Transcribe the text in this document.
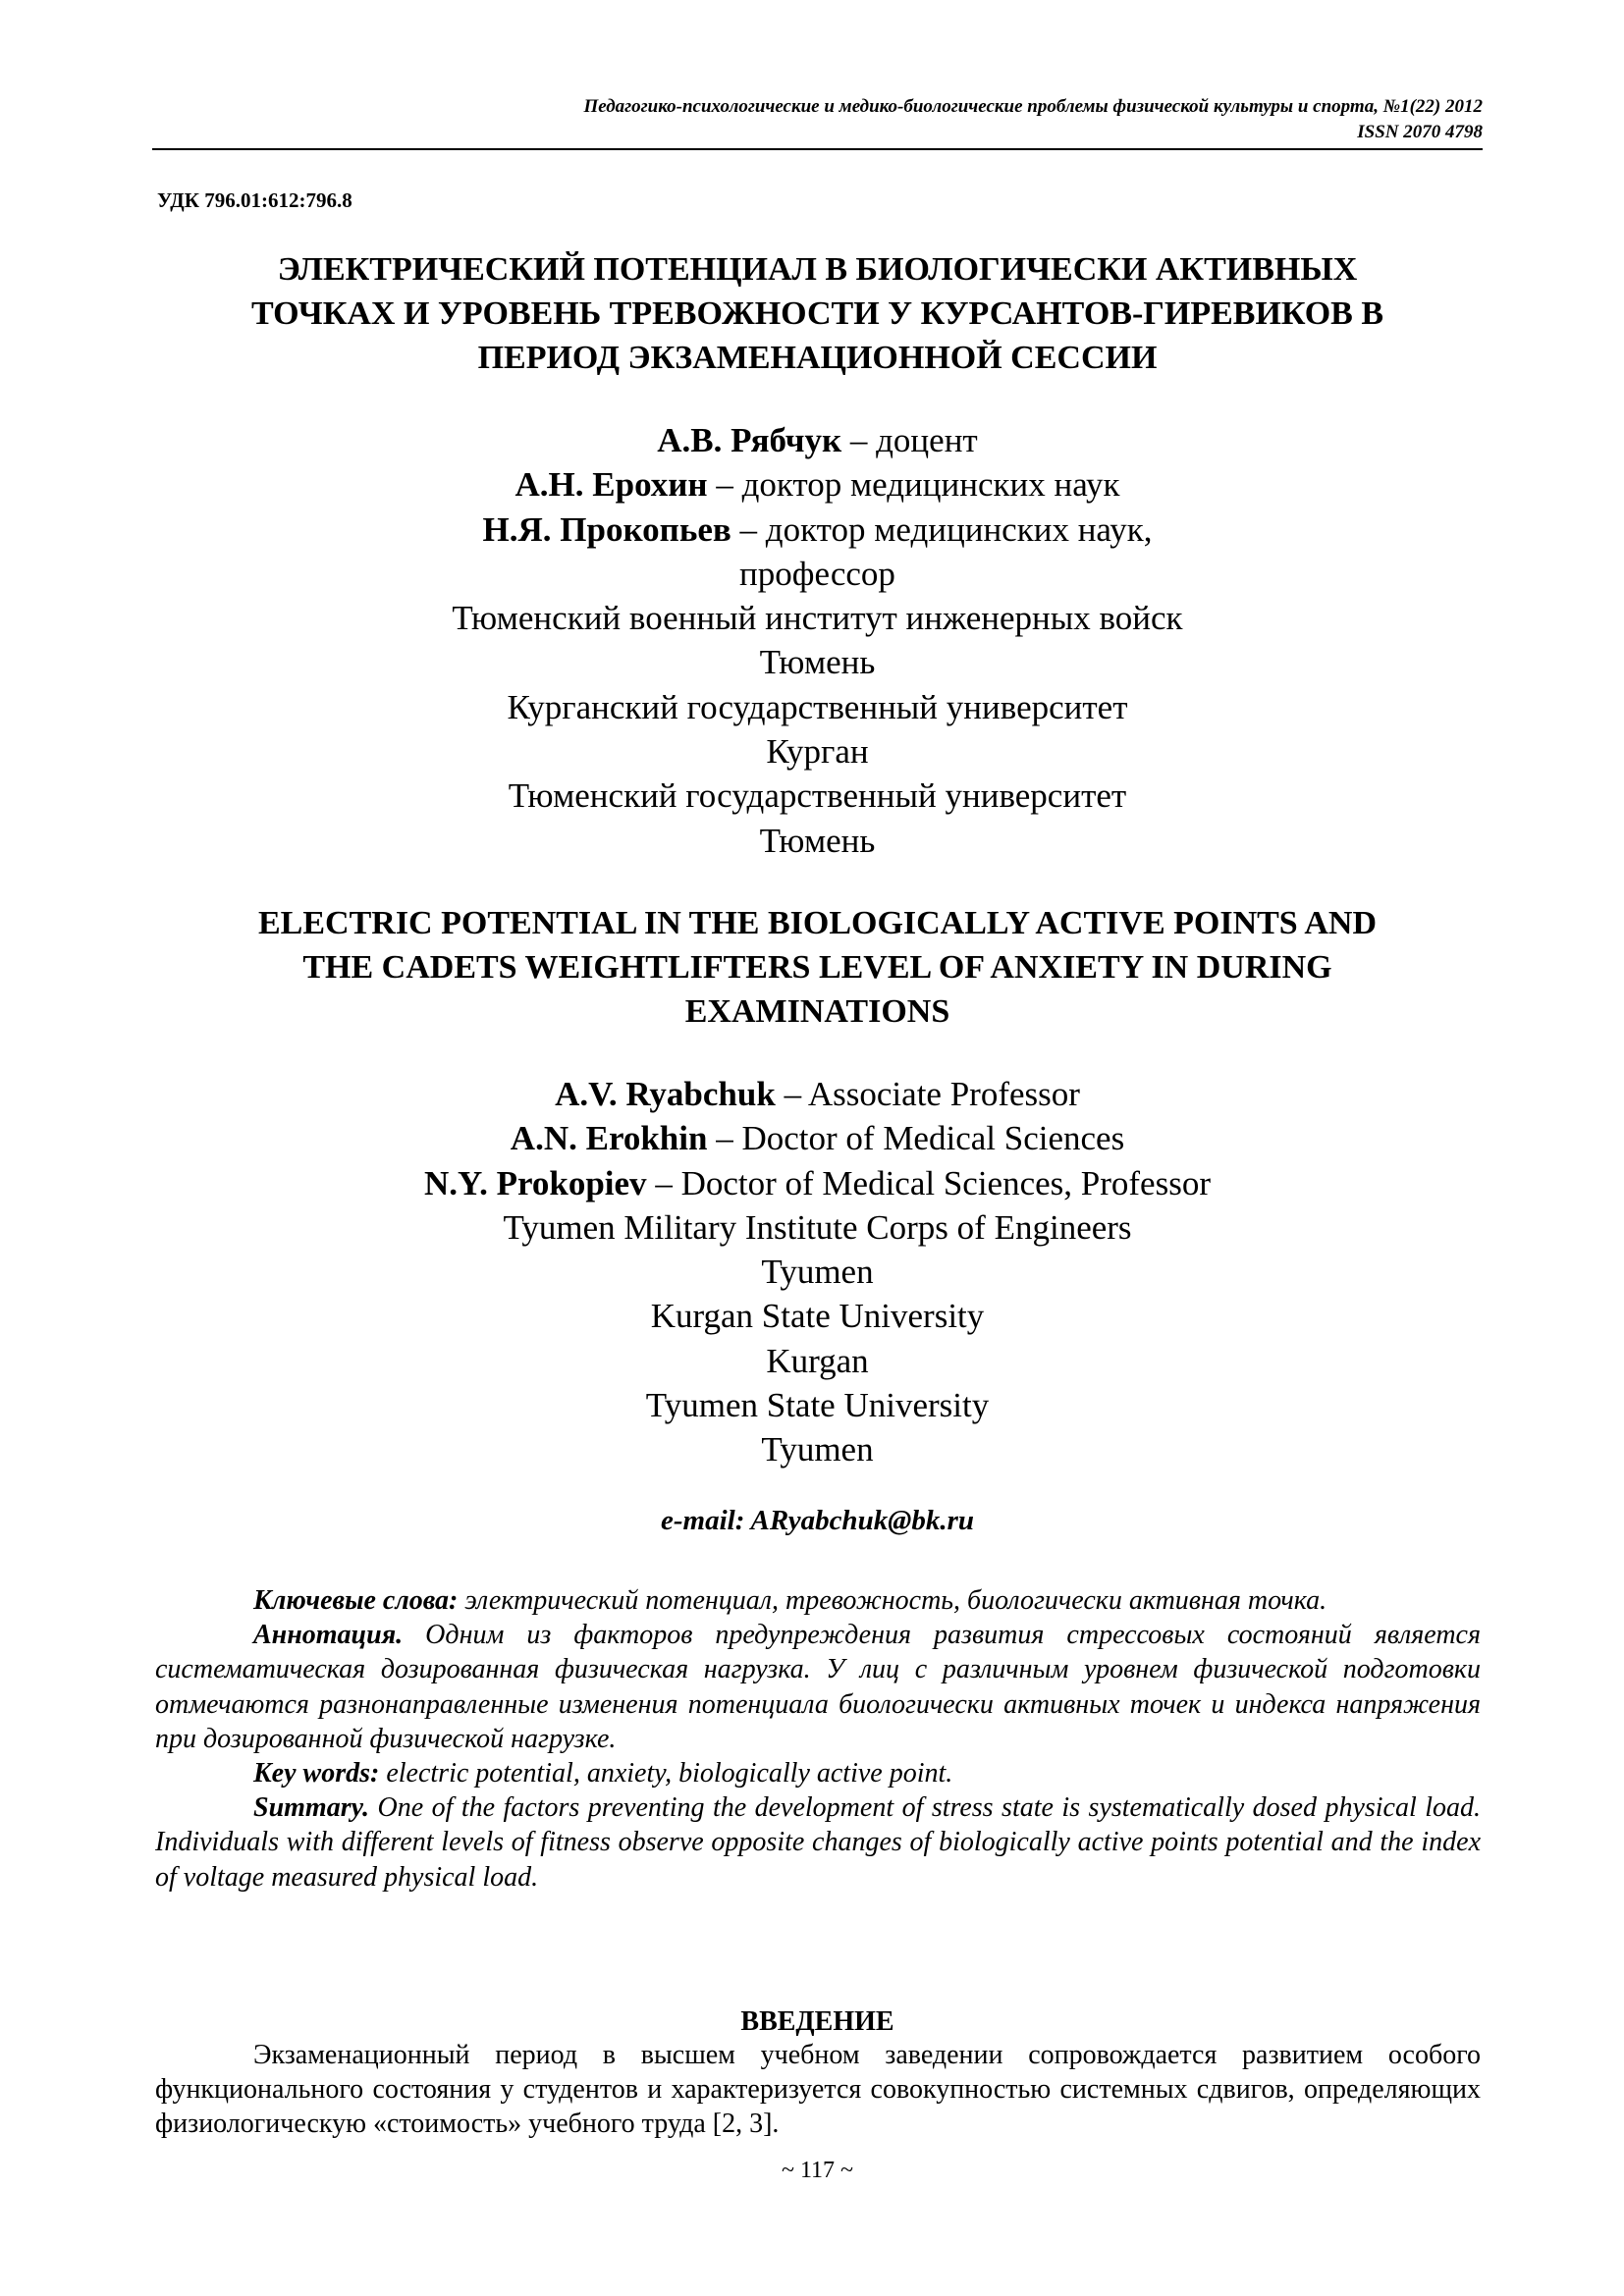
Педагогико-психологические и медико-биологические проблемы физической культуры и спорта, №1(22) 2012
ISSN 2070 4798
УДК 796.01:612:796.8
ЭЛЕКТРИЧЕСКИЙ ПОТЕНЦИАЛ В БИОЛОГИЧЕСКИ АКТИВНЫХ
ТОЧКАХ И УРОВЕНЬ ТРЕВОЖНОСТИ У КУРСАНТОВ-ГИРЕВИКОВ В
ПЕРИОД ЭКЗАМЕНАЦИОННОЙ СЕССИИ
А.В. Рябчук – доцент
А.Н. Ерохин – доктор медицинских наук
Н.Я. Прокопьев – доктор медицинских наук,
профессор
Тюменский военный институт инженерных войск
Тюмень
Курганский государственный университет
Курган
Тюменский государственный университет
Тюмень
ELECTRIC POTENTIAL IN THE BIOLOGICALLY ACTIVE POINTS AND
THE CADETS WEIGHTLIFTERS LEVEL OF ANXIETY IN DURING
EXAMINATIONS
A.V. Ryabchuk – Associate Professor
A.N. Erokhin – Doctor of Medical Sciences
N.Y. Prokopiev – Doctor of Medical Sciences, Professor
Tyumen Military Institute Corps of Engineers
Tyumen
Kurgan State University
Kurgan
Tyumen State University
Tyumen
e-mail: ARyabchuk@bk.ru

Ключевые слова: электрический потенциал, тревожность, биологически активная точка.

Аннотация. Одним из факторов предупреждения развития стрессовых состояний является систематическая дозированная физическая нагрузка. У лиц с различным уровнем физической подготовки отмечаются разнонаправленные изменения потенциала биологически активных точек и индекса напряжения при дозированной физической нагрузке.

Key words: electric potential, anxiety, biologically active point.

Summary. One of the factors preventing the development of stress state is systematically dosed physical load. Individuals with different levels of fitness observe opposite changes of biologically active points potential and the index of voltage measured physical load.

ВВЕДЕНИЕ

Экзаменационный период в высшем учебном заведении сопровождается развитием особого функционального состояния у студентов и характеризуется совокупностью системных сдвигов, определяющих физиологическую «стоимость» учебного труда [2, 3].

~ 117 ~
